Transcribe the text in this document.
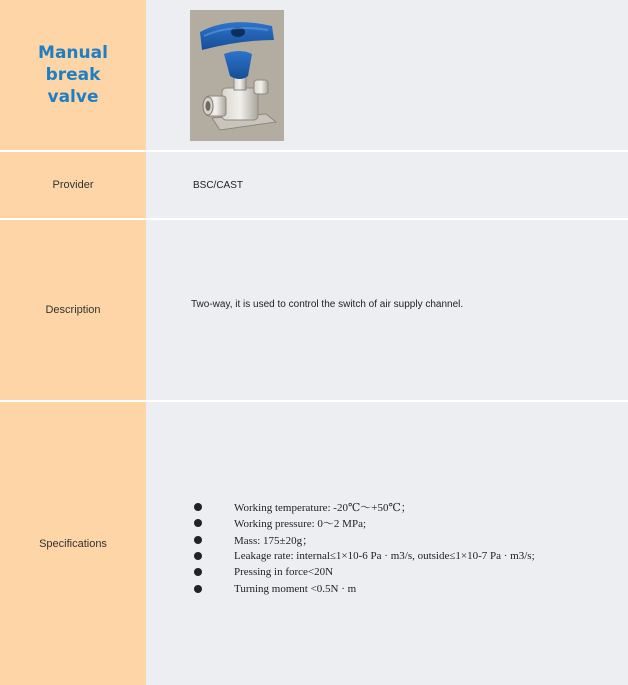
Manual
break
valve
Provider	BSC/CAST
Description	Two-way, it is used to control the switch of air supply channel.
Specifications
Working temperature: -20℃～+50℃；
Working pressure: 0～2 MPa;
Mass: 175±20g；
Leakage rate: internal≤1×10-6 Pa · m3/s, outside≤1×10-7 Pa · m3/s;
Pressing in force<20N
Turning moment <0.5N · m
